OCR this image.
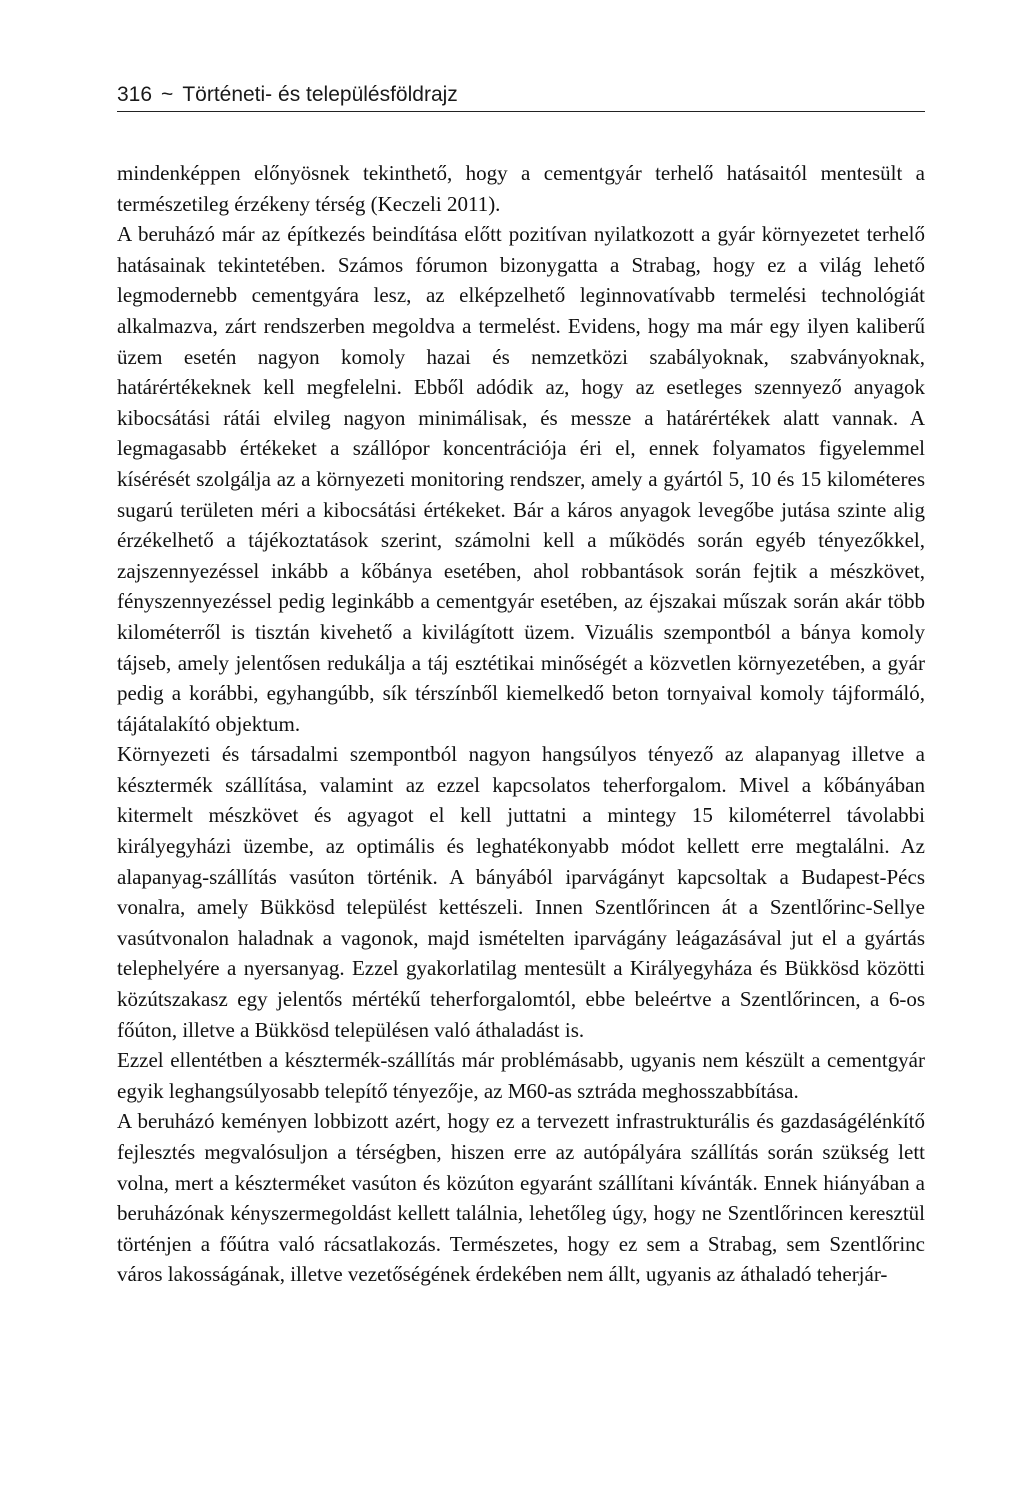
316 ~ Történeti- és településföldrajz

mindenképpen előnyösnek tekinthető, hogy a cementgyár terhelő hatásaitól mentesült a természetileg érzékeny térség (Keczeli 2011).

A beruházó már az építkezés beindítása előtt pozitívan nyilatkozott a gyár környezetet terhelő hatásainak tekintetében. Számos fórumon bizonygatta a Strabag, hogy ez a világ lehető legmodernebb cementgyára lesz, az elképzelhető leginnovatívabb termelési technológiát alkalmazva, zárt rendszerben megoldva a termelést. Evidens, hogy ma már egy ilyen kaliberű üzem esetén nagyon komoly hazai és nemzetközi szabályoknak, szabványoknak, határértékeknek kell megfelelni. Ebből adódik az, hogy az esetleges szennyező anyagok kibocsátási rátái elvileg nagyon minimálisak, és messze a határértékek alatt vannak. A legmagasabb értékeket a szállópor koncentrációja éri el, ennek folyamatos figyelemmel kísérését szolgálja az a környezeti monitoring rendszer, amely a gyártól 5, 10 és 15 kilométeres sugarú területen méri a kibocsátási értékeket. Bár a káros anyagok levegőbe jutása szinte alig érzékelhető a tájékoztatások szerint, számolni kell a működés során egyéb tényezőkkel, zajszennyezéssel inkább a kőbánya esetében, ahol robbantások során fejtik a mészkövet, fényszennyezéssel pedig leginkább a cementgyár esetében, az éjszakai műszak során akár több kilométerről is tisztán kivehető a kivilágított üzem. Vizuális szempontból a bánya komoly tájseb, amely jelentősen redukálja a táj esztétikai minőségét a közvetlen környezetében, a gyár pedig a korábbi, egyhangúbb, sík térszínből kiemelkedő beton tornyaival komoly tájformáló, tájátalakító objektum.

Környezeti és társadalmi szempontból nagyon hangsúlyos tényező az alapanyag illetve a késztermék szállítása, valamint az ezzel kapcsolatos teherforgalom. Mivel a kőbányában kitermelt mészkövet és agyagot el kell juttatni a mintegy 15 kilométerrel távolabbi királyegyházi üzembe, az optimális és leghatékonyabb módot kellett erre megtalálni. Az alapanyag-szállítás vasúton történik. A bányából iparvágányt kapcsoltak a Budapest-Pécs vonalra, amely Bükkösd települést kettészeli. Innen Szentlőrincen át a Szentlőrinc-Sellye vasútvonalon haladnak a vagonok, majd ismételten iparvágány leágazásával jut el a gyártás telephelyére a nyersanyag. Ezzel gyakorlatilag mentesült a Királyegyháza és Bükkösd közötti közútszakasz egy jelentős mértékű teherforgalomtól, ebbe beleértve a Szentlőrincen, a 6-os főúton, illetve a Bükkösd településen való áthaladást is.

Ezzel ellentétben a késztermék-szállítás már problémásabb, ugyanis nem készült a cementgyár egyik leghangsúlyosabb telepítő tényezője, az M60-as sztráda meghosszabbítása.

A beruházó keményen lobbizott azért, hogy ez a tervezett infrastrukturális és gazdaságélénkítő fejlesztés megvalósuljon a térségben, hiszen erre az autópályára szállítás során szükség lett volna, mert a készterméket vasúton és közúton egyaránt szállítani kívánták. Ennek hiányában a beruházónak kényszermegoldást kellett találnia, lehetőleg úgy, hogy ne Szentlőrincen keresztül történjen a főútra való rácsatlakozás. Természetes, hogy ez sem a Strabag, sem Szentlőrinc város lakosságának, illetve vezetőségének érdekében nem állt, ugyanis az áthaladó teherjár-
